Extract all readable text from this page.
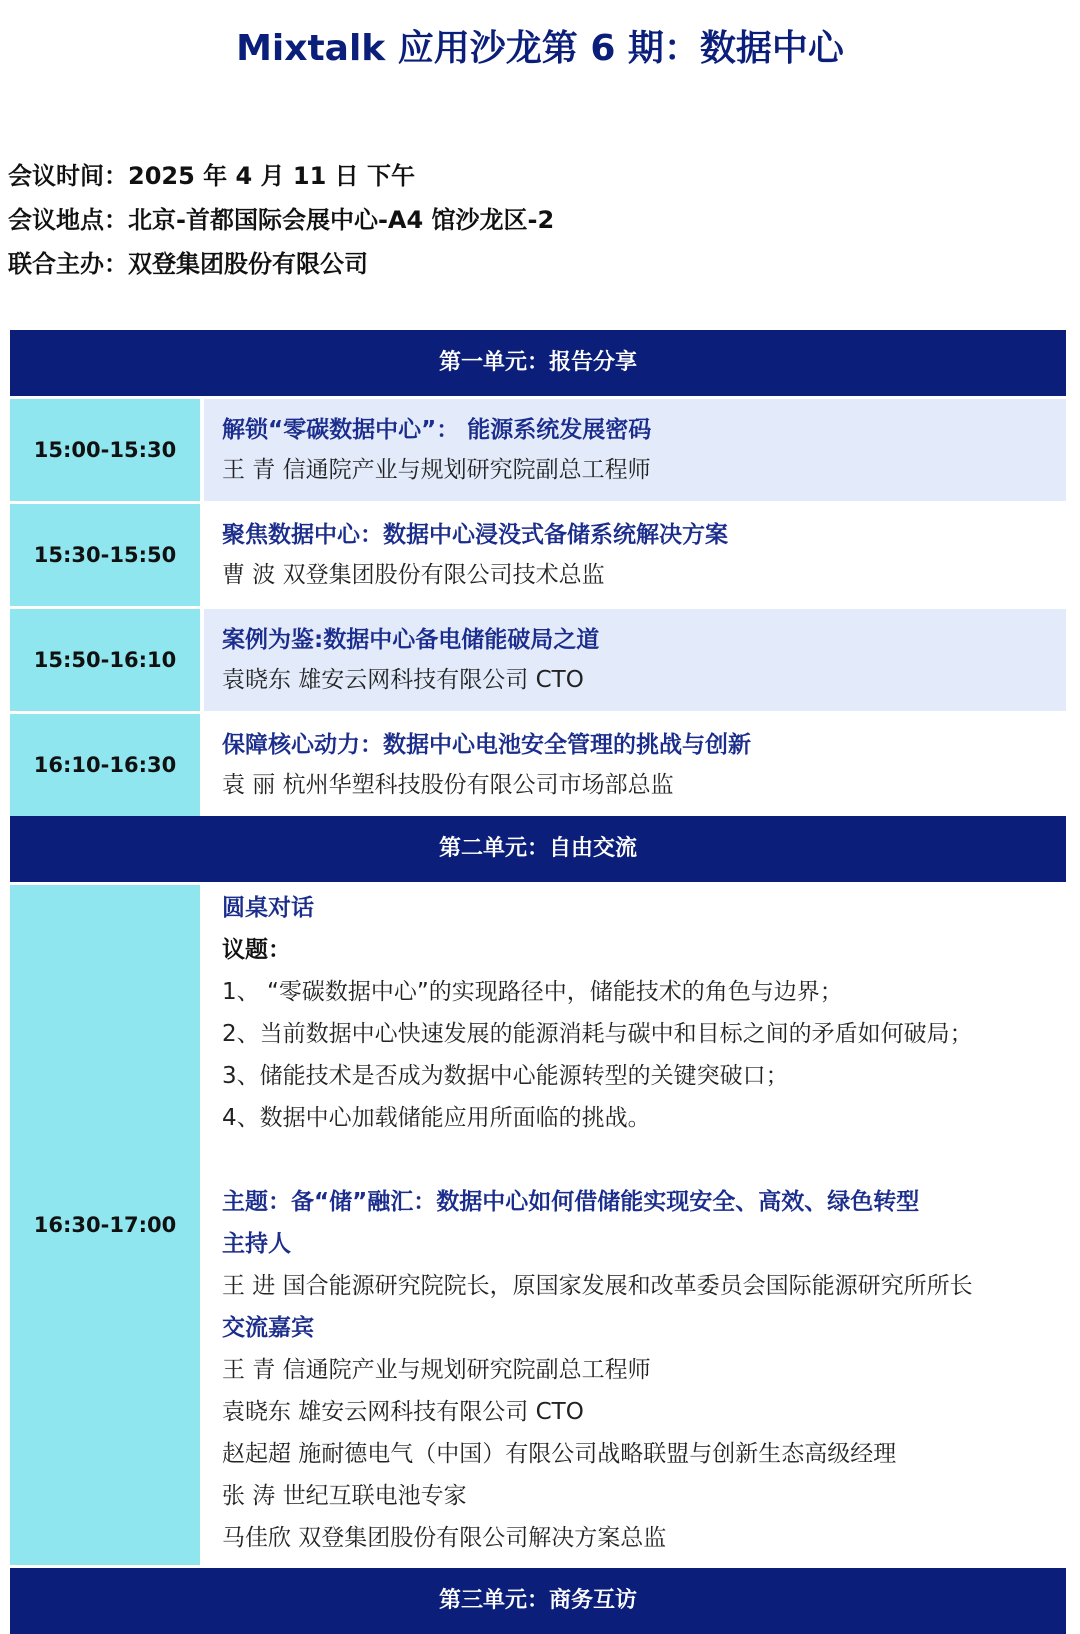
Mixtalk 应用沙龙第 6 期：数据中心
会议时间：2025 年 4 月 11 日 下午
会议地点：北京-首都国际会展中心-A4 馆沙龙区-2
联合主办：双登集团股份有限公司
第一单元：报告分享
15:00-15:30
解锁“零碳数据中心”： 能源系统发展密码
王 青 信通院产业与规划研究院副总工程师
15:30-15:50
聚焦数据中心：数据中心浸没式备储系统解决方案
曹 波 双登集团股份有限公司技术总监
15:50-16:10
案例为鉴:数据中心备电储能破局之道
袁晓东 雄安云网科技有限公司 CTO
16:10-16:30
保障核心动力：数据中心电池安全管理的挑战与创新
袁 丽 杭州华塑科技股份有限公司市场部总监
第二单元：自由交流
16:30-17:00
圆桌对话
议题：
1、 “零碳数据中心”的实现路径中，储能技术的角色与边界；
2、当前数据中心快速发展的能源消耗与碳中和目标之间的矛盾如何破局；
3、储能技术是否成为数据中心能源转型的关键突破口；
4、数据中心加载储能应用所面临的挑战。
主题：备“储”融汇：数据中心如何借储能实现安全、高效、绿色转型
主持人
王 进 国合能源研究院院长，原国家发展和改革委员会国际能源研究所所长
交流嘉宾
王 青 信通院产业与规划研究院副总工程师
袁晓东 雄安云网科技有限公司 CTO
赵起超 施耐德电气（中国）有限公司战略联盟与创新生态高级经理
张 涛 世纪互联电池专家
马佳欣 双登集团股份有限公司解决方案总监
第三单元：商务互访
